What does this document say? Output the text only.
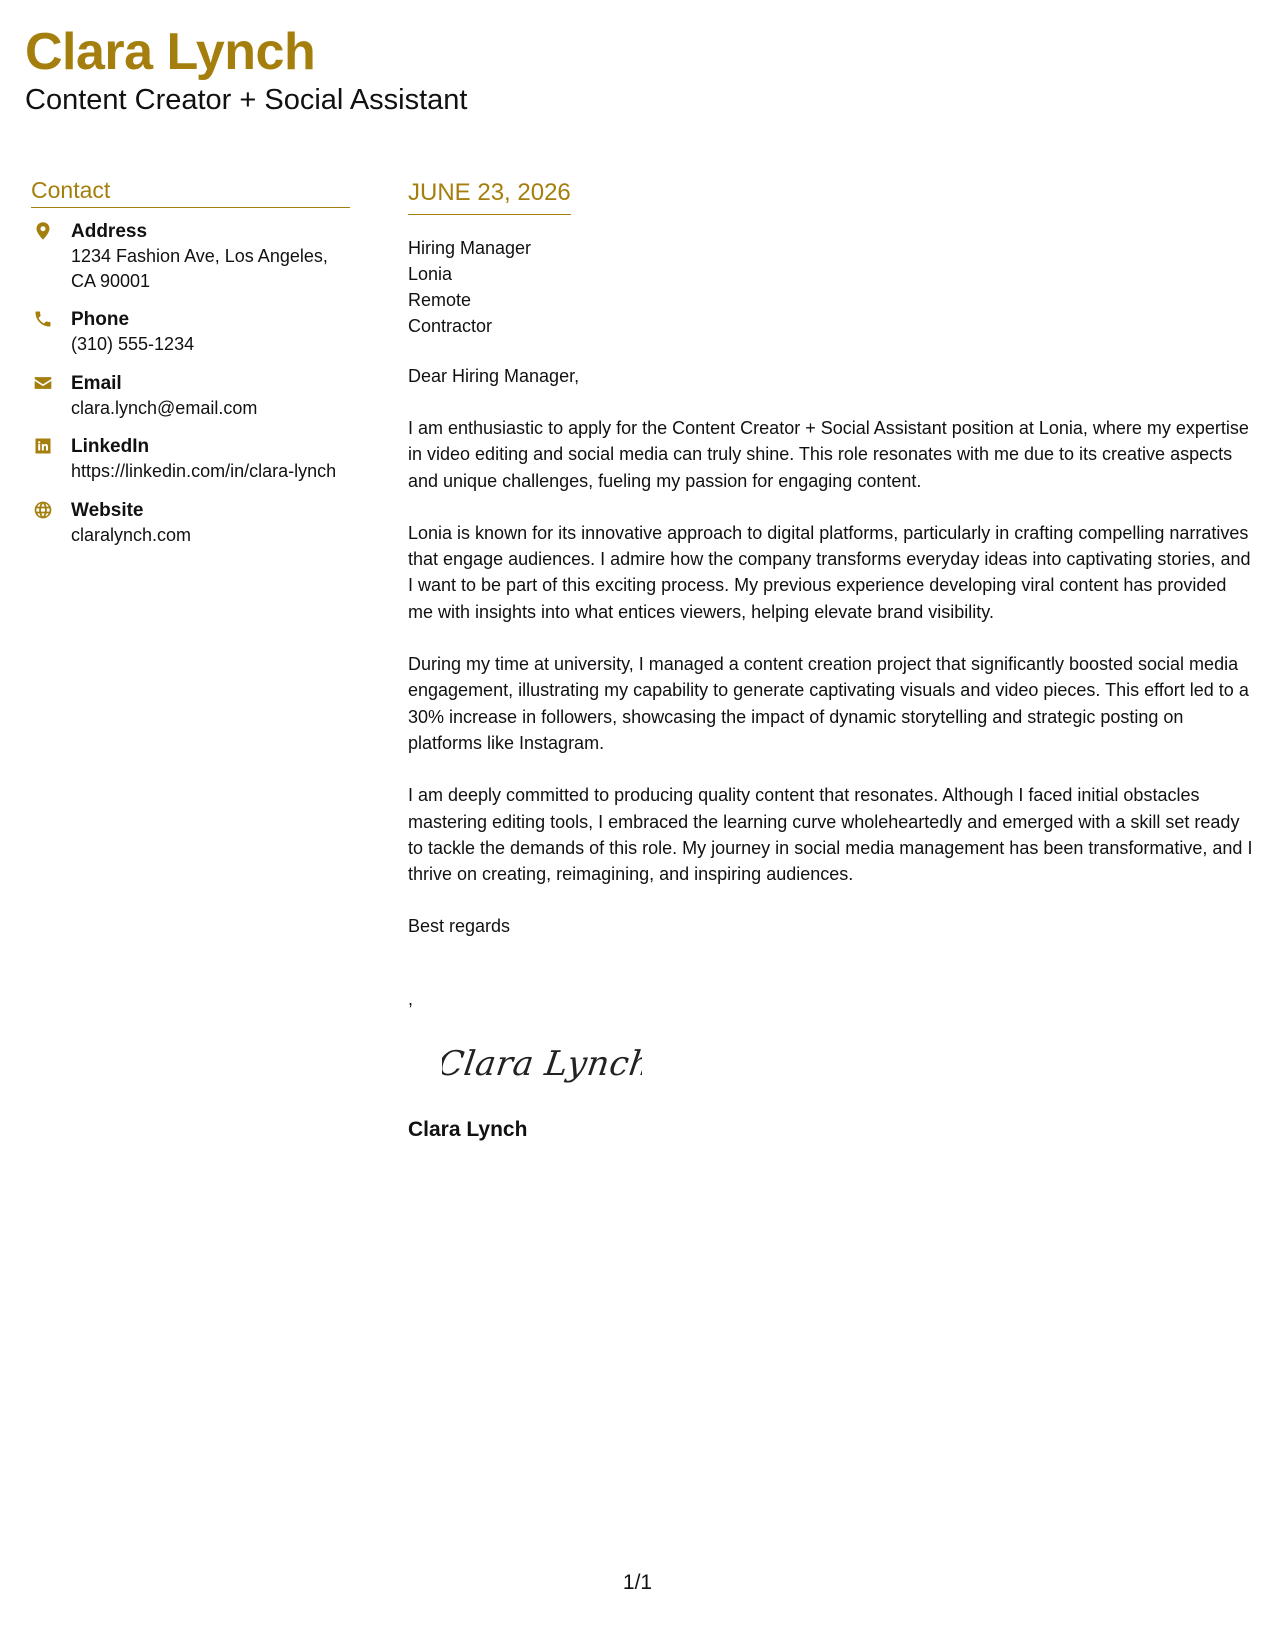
Clara Lynch
Content Creator + Social Assistant
Contact
Address
1234 Fashion Ave, Los Angeles, CA 90001
Phone
(310) 555-1234
Email
clara.lynch@email.com
LinkedIn
https://linkedin.com/in/clara-lynch
Website
claralynch.com
JUNE 23, 2026
Hiring Manager
Lonia
Remote
Contractor
Dear Hiring Manager,

I am enthusiastic to apply for the Content Creator + Social Assistant position at Lonia, where my expertise in video editing and social media can truly shine. This role resonates with me due to its creative aspects and unique challenges, fueling my passion for engaging content.

Lonia is known for its innovative approach to digital platforms, particularly in crafting compelling narratives that engage audiences. I admire how the company transforms everyday ideas into captivating stories, and I want to be part of this exciting process. My previous experience developing viral content has provided me with insights into what entices viewers, helping elevate brand visibility.

During my time at university, I managed a content creation project that significantly boosted social media engagement, illustrating my capability to generate captivating visuals and video pieces. This effort led to a 30% increase in followers, showcasing the impact of dynamic storytelling and strategic posting on platforms like Instagram.

I am deeply committed to producing quality content that resonates. Although I faced initial obstacles mastering editing tools, I embraced the learning curve wholeheartedly and emerged with a skill set ready to tackle the demands of this role. My journey in social media management has been transformative, and I thrive on creating, reimagining, and inspiring audiences.

Best regards
,
Clara Lynch
Clara Lynch
1/1
